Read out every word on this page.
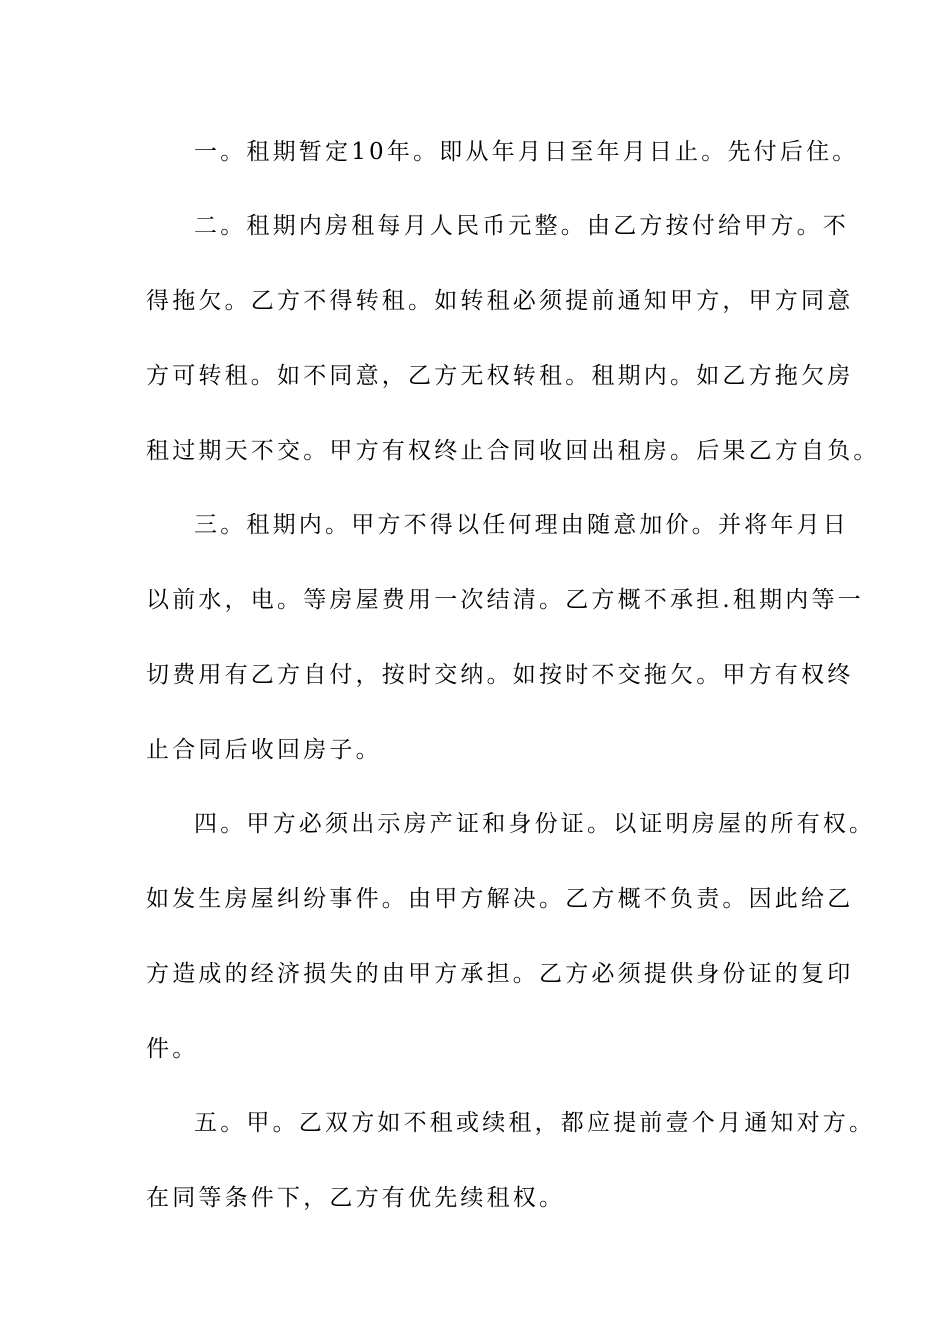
一。租期暂定10年。即从年月日至年月日止。先付后住。
二。租期内房租每月人民币元整。由乙方按付给甲方。不
得拖欠。乙方不得转租。如转租必须提前通知甲方，甲方同意
方可转租。如不同意，乙方无权转租。租期内。如乙方拖欠房
租过期天不交。甲方有权终止合同收回出租房。后果乙方自负。
三。租期内。甲方不得以任何理由随意加价。并将年月日
以前水，电。等房屋费用一次结清。乙方概不承担.租期内等一
切费用有乙方自付，按时交纳。如按时不交拖欠。甲方有权终
止合同后收回房子。
四。甲方必须出示房产证和身份证。以证明房屋的所有权。
如发生房屋纠纷事件。由甲方解决。乙方概不负责。因此给乙
方造成的经济损失的由甲方承担。乙方必须提供身份证的复印
件。
五。甲。乙双方如不租或续租，都应提前壹个月通知对方。
在同等条件下，乙方有优先续租权。
